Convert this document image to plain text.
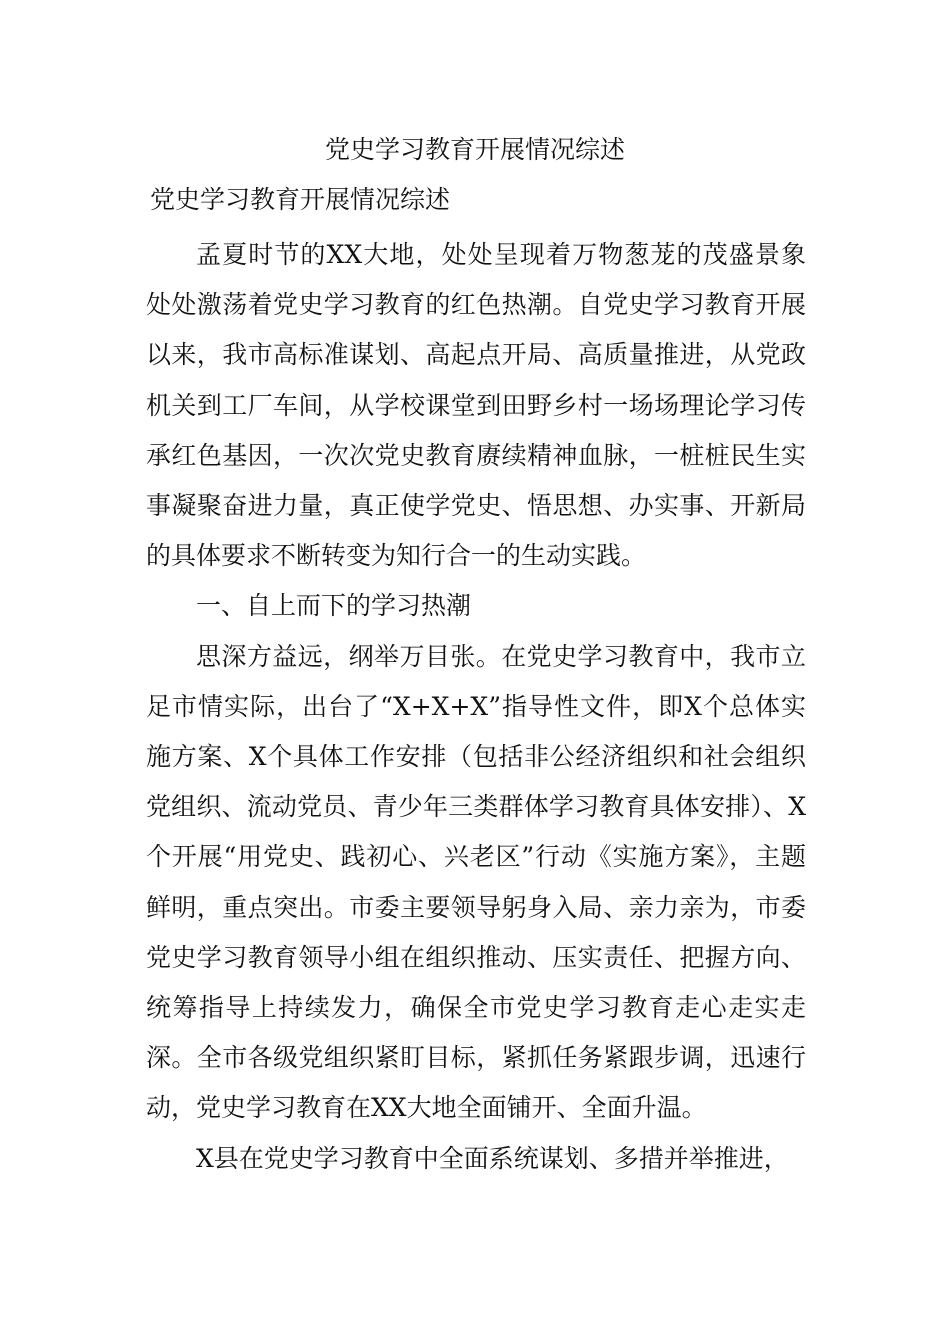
党史学习教育开展情况综述
党史学习教育开展情况综述

孟夏时节的XX大地，处处呈现着万物葱茏的茂盛景象处处激荡着党史学习教育的红色热潮。自党史学习教育开展以来，我市高标准谋划、高起点开局、高质量推进，从党政机关到工厂车间，从学校课堂到田野乡村一场场理论学习传承红色基因，一次次党史教育赓续精神血脉，一桩桩民生实事凝聚奋进力量，真正使学党史、悟思想、办实事、开新局的具体要求不断转变为知行合一的生动实践。

一、自上而下的学习热潮

思深方益远，纲举万目张。在党史学习教育中，我市立足市情实际，出台了“X+X+X”指导性文件，即X个总体实施方案、X个具体工作安排（包括非公经济组织和社会组织党组织、流动党员、青少年三类群体学习教育具体安排）、X个开展“用党史、践初心、兴老区”行动《实施方案》，主题鲜明，重点突出。市委主要领导躬身入局、亲力亲为，市委党史学习教育领导小组在组织推动、压实责任、把握方向、统筹指导上持续发力，确保全市党史学习教育走心走实走深。全市各级党组织紧盯目标，紧抓任务紧跟步调，迅速行动，党史学习教育在XX大地全面铺开、全面升温。

X县在党史学习教育中全面系统谋划、多措并举推进，
